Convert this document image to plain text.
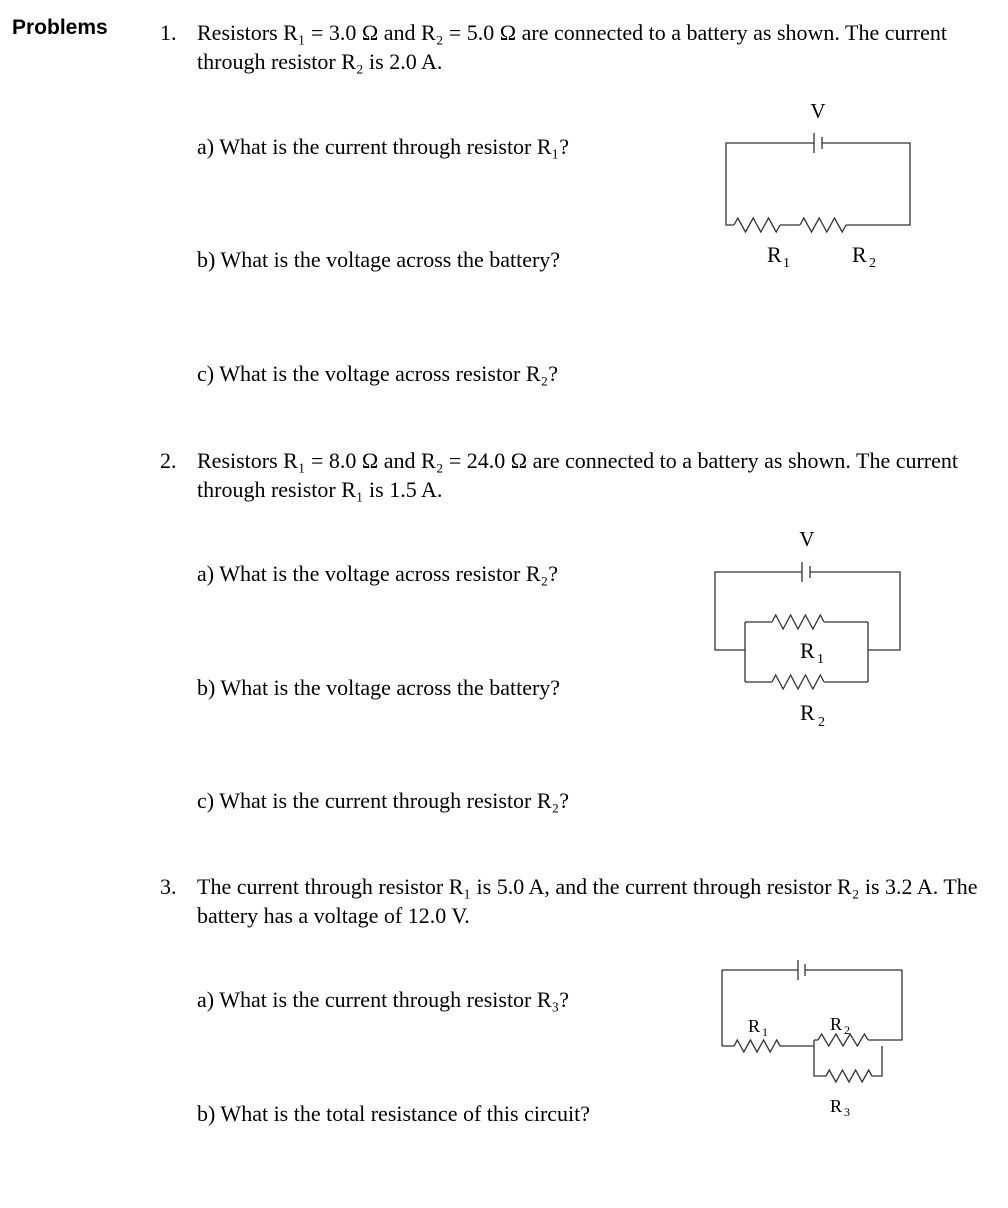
Problems 1. Resistors R₁ = 3.0 Ω and R₂ = 5.0 Ω are connected to a battery as shown. The current through resistor R₂ is 2.0 A.
a) What is the current through resistor R₁?
b) What is the voltage across the battery?
c) What is the voltage across resistor R₂?
V
R 1	R 2
2. Resistors R₁ = 8.0 Ω and R₂ = 24.0 Ω are connected to a battery as shown. The current through resistor R₁ is 1.5 A.
a) What is the voltage across resistor R₂?
b) What is the voltage across the battery?
c) What is the current through resistor R₂?
V
R 1
R 2
3. The current through resistor R₁ is 5.0 A, and the current through resistor R₂ is 3.2 A. The battery has a voltage of 12.0 V.
a) What is the current through resistor R₃?
b) What is the total resistance of this circuit?
R 1	R 2
R 3
